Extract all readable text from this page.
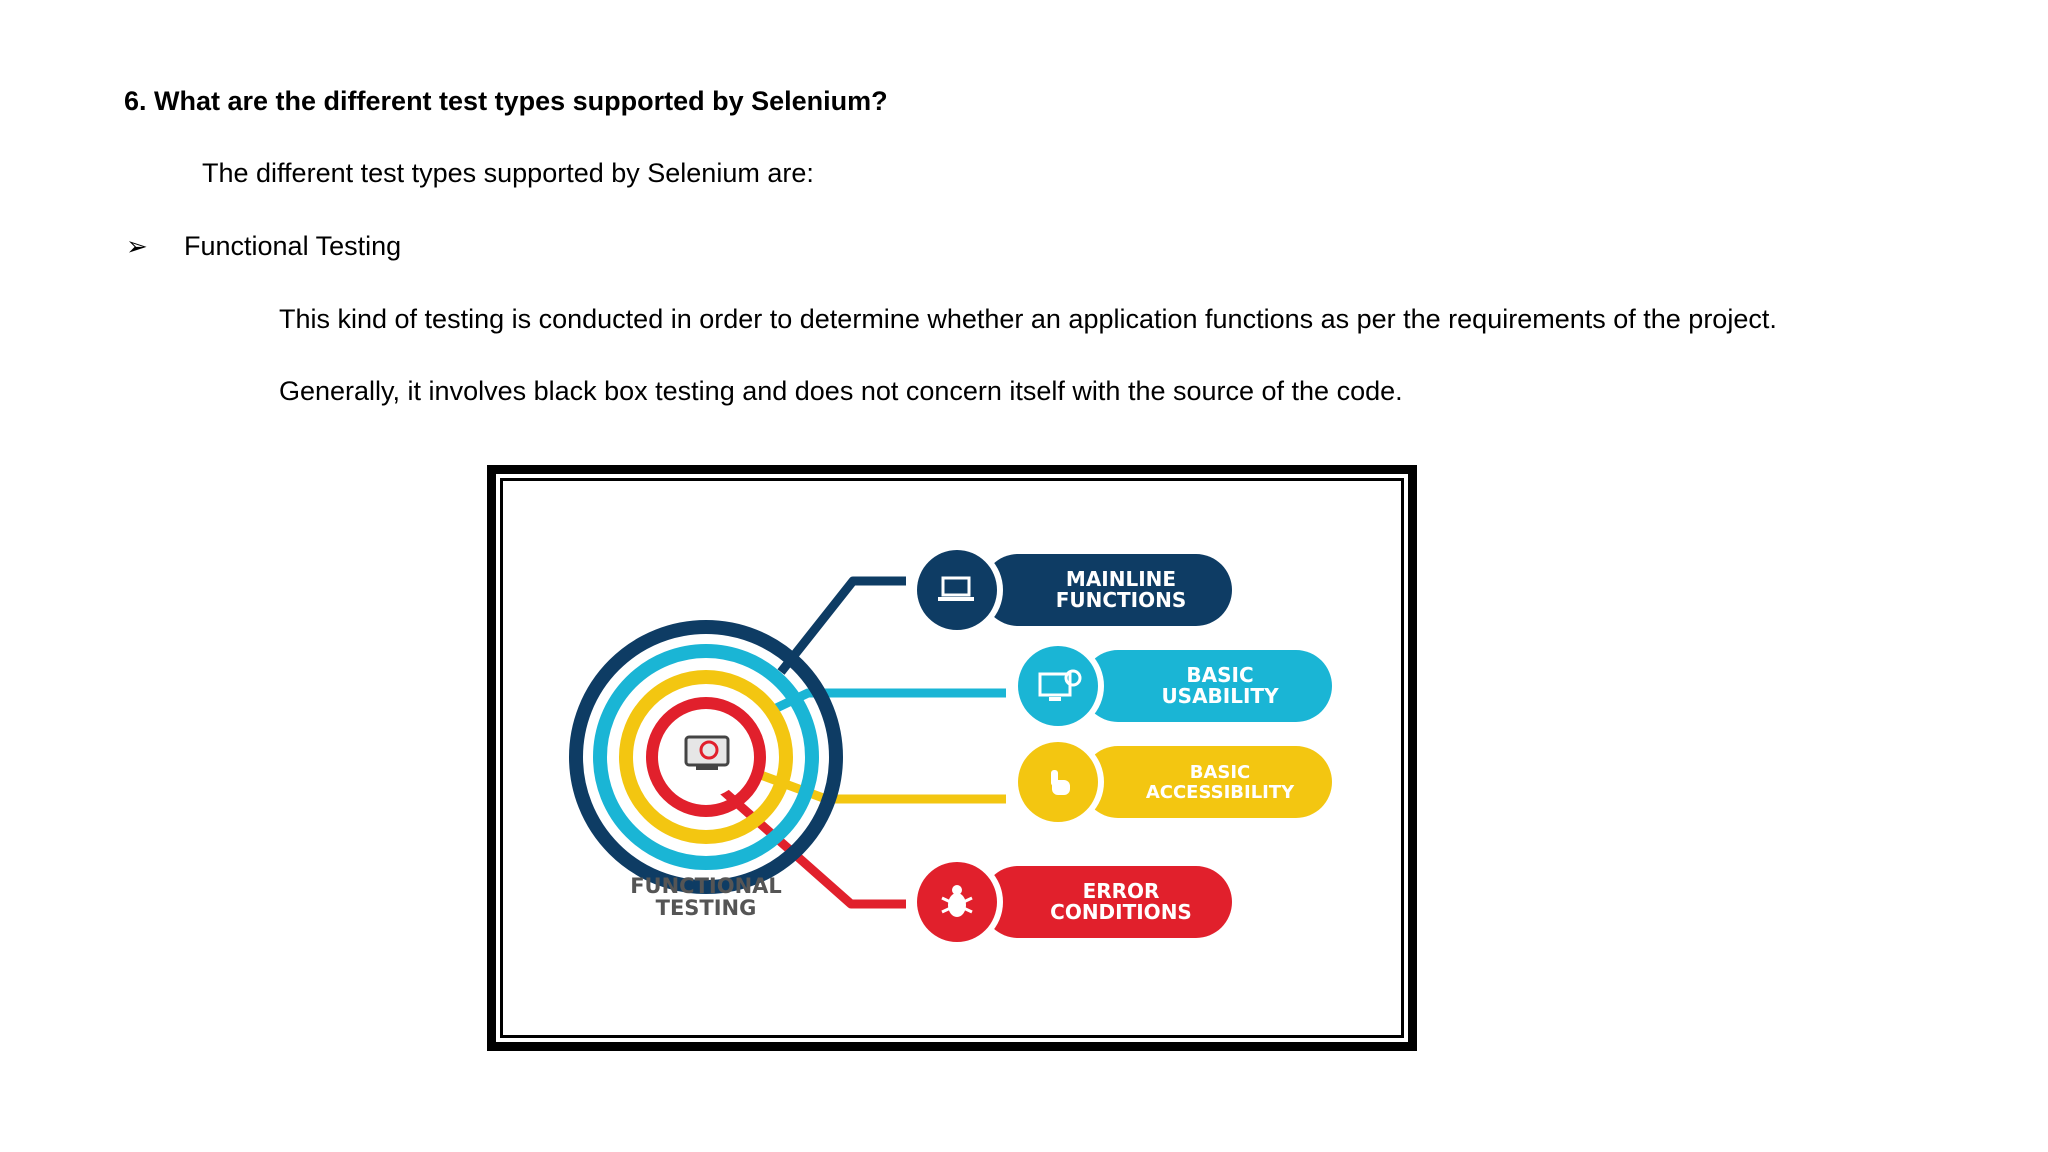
6. What are the different test types supported by Selenium?
The different test types supported by Selenium are:
➢	Functional Testing
This kind of testing is conducted in order to determine whether an application functions as per the requirements of the project.
Generally, it involves black box testing and does not concern itself with the source of the code.
FUNCTIONAL
TESTING
MAINLINE
FUNCTIONS
BASIC
USABILITY
BASIC
ACCESSIBILITY
ERROR
CONDITIONS
